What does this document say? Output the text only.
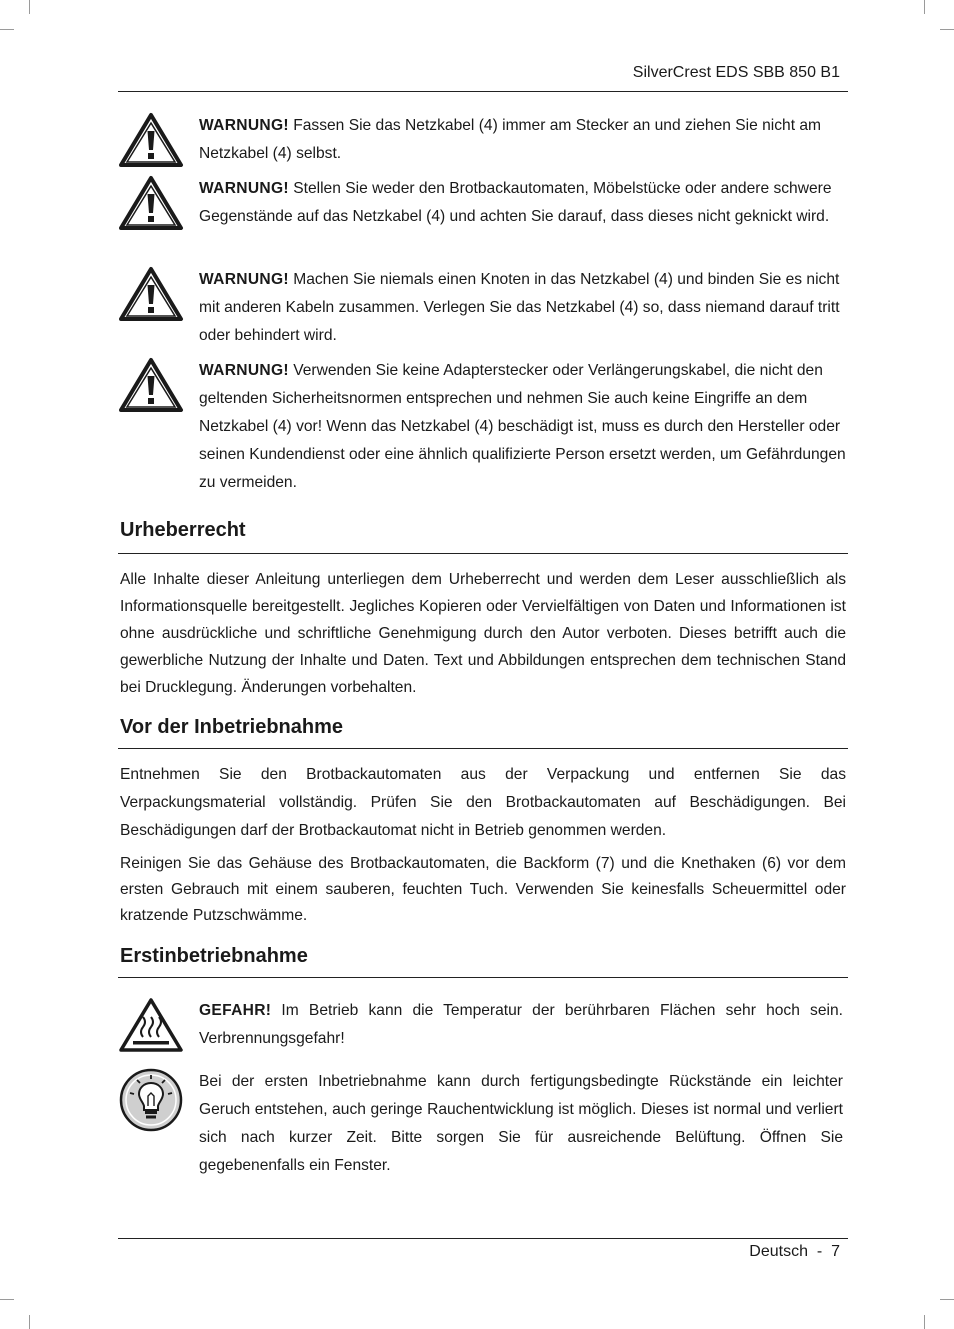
SilverCrest EDS SBB 850 B1
WARNUNG! Fassen Sie das Netzkabel (4) immer am Stecker an und ziehen Sie nicht am Netzkabel (4) selbst.
WARNUNG! Stellen Sie weder den Brotbackautomaten, Möbelstücke oder andere schwere Gegenstände auf das Netzkabel (4) und achten Sie darauf, dass dieses nicht geknickt wird.
WARNUNG! Machen Sie niemals einen Knoten in das Netzkabel (4) und binden Sie es nicht mit anderen Kabeln zusammen. Verlegen Sie das Netzkabel (4) so, dass niemand darauf tritt oder behindert wird.
WARNUNG! Verwenden Sie keine Adapterstecker oder Verlängerungskabel, die nicht den geltenden Sicherheitsnormen entsprechen und nehmen Sie auch keine Eingriffe an dem Netzkabel (4) vor! Wenn das Netzkabel (4) beschädigt ist, muss es durch den Hersteller oder seinen Kundendienst oder eine ähnlich qualifizierte Person ersetzt werden, um Gefährdungen zu vermeiden.
Urheberrecht

Alle Inhalte dieser Anleitung unterliegen dem Urheberrecht und werden dem Leser ausschließlich als Informationsquelle bereitgestellt. Jegliches Kopieren oder Vervielfältigen von Daten und Informationen ist ohne ausdrückliche und schriftliche Genehmigung durch den Autor verboten. Dieses betrifft auch die gewerbliche Nutzung der Inhalte und Daten. Text und Abbildungen entsprechen dem technischen Stand bei Drucklegung. Änderungen vorbehalten.

Vor der Inbetriebnahme

Entnehmen Sie den Brotbackautomaten aus der Verpackung und entfernen Sie das Verpackungsmaterial vollständig. Prüfen Sie den Brotbackautomaten auf Beschädigungen. Bei Beschädigungen darf der Brotbackautomat nicht in Betrieb genommen werden.

Reinigen Sie das Gehäuse des Brotbackautomaten, die Backform (7) und die Knethaken (6) vor dem ersten Gebrauch mit einem sauberen, feuchten Tuch. Verwenden Sie keinesfalls Scheuermittel oder kratzende Putzschwämme.

Erstinbetriebnahme
GEFAHR! Im Betrieb kann die Temperatur der berührbaren Flächen sehr hoch sein. Verbrennungsgefahr!
Bei der ersten Inbetriebnahme kann durch fertigungsbedingte Rückstände ein leichter Geruch entstehen, auch geringe Rauchentwicklung ist möglich. Dieses ist normal und verliert sich nach kurzer Zeit. Bitte sorgen Sie für ausreichende Belüftung. Öffnen Sie gegebenenfalls ein Fenster.
Deutsch - 7
